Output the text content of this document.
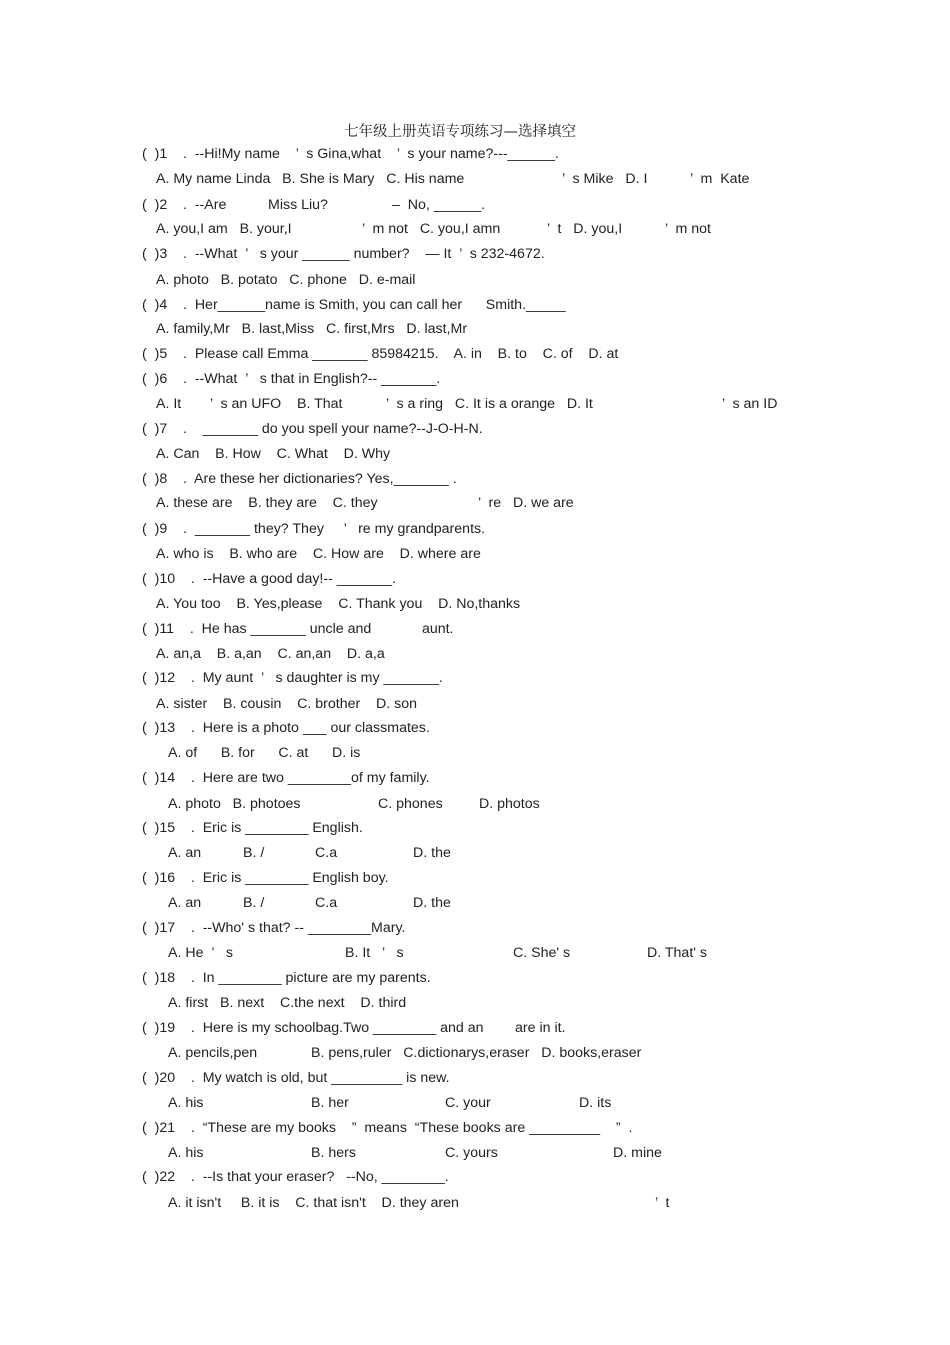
七年级上册英语专项练习—选择填空
(  )1    .  --Hi!My name    ’  s Gina,what    ’  s your name?---______.
A. My name Linda   B. She is Mary   C. His name	’  s Mike   D. I	’  m  Kate
(  )2    .  --Are Miss Liu?	–  No, ______.
A. you,I am   B. your,I	’  m not   C. you,I amn	’  t   D. you,I	’  m not
(  )3    .  --What  ’   s your ______ number?    — It  ’  s 232-4672.
A. photo   B. potato   C. phone   D. e-mail
(  )4    .  Her______name is Smith, you can call her      Smith._____
A. family,Mr   B. last,Miss   C. first,Mrs   D. last,Mr
(  )5    .  Please call Emma _______ 85984215.    A. in    B. to    C. of    D. at
(  )6    .  --What  ’   s that in English?-- _______.
A. It ’  s an UFO    B. That	’  s a ring   C. It is a orange   D. It	’  s an ID
(  )7    .    _______ do you spell your name?--J-O-H-N.
A. Can    B. How    C. What    D. Why
(  )8    .  Are these her dictionaries? Yes,_______ .
A. these are    B. they are    C. they	’  re   D. we are
(  )9    .  _______ they? They     ’   re my grandparents.
A. who is    B. who are    C. How are    D. where are
(  )10    .  --Have a good day!-- _______.
A. You too    B. Yes,please    C. Thank you    D. No,thanks
(  )11    .  He has _______ uncle and	aunt.
A. an,a    B. a,an    C. an,an    D. a,a
(  )12    .  My aunt  ’   s daughter is my _______.
A. sister    B. cousin    C. brother    D. son
(  )13    .  Here is a photo ___ our classmates.
A. of      B. for      C. at      D. is
(  )14    .  Here are two ________of my family.
A. photo   B. photoes	C. phones	D. photos
(  )15    .  Eric is ________ English.
A. an	B. /	C.a	D. the
(  )16    .  Eric is ________ English boy.
A. an	B. /	C.a	D. the
(  )17    .  --Who' s that? -- ________Mary.
A. He  ’   s	B. It   ’   s	C. She' s	D. That' s
(  )18    .  In ________ picture are my parents.
A. first   B. next    C.the next    D. third
(  )19    .  Here is my schoolbag.Two ________ and an        are in it.
A. pencils,pen	B. pens,ruler   C.dictionarys,eraser   D. books,eraser
(  )20    .  My watch is old, but _________ is new.
A. his	B. her	C. your	D. its
(  )21    .  “These are my books    ”  means  “These books are _________    ”  .
A. his	B. hers	C. yours	D. mine
(  )22    .  --Is that your eraser?   --No, ________.
A. it isn't     B. it is    C. that isn't    D. they aren	’  t
